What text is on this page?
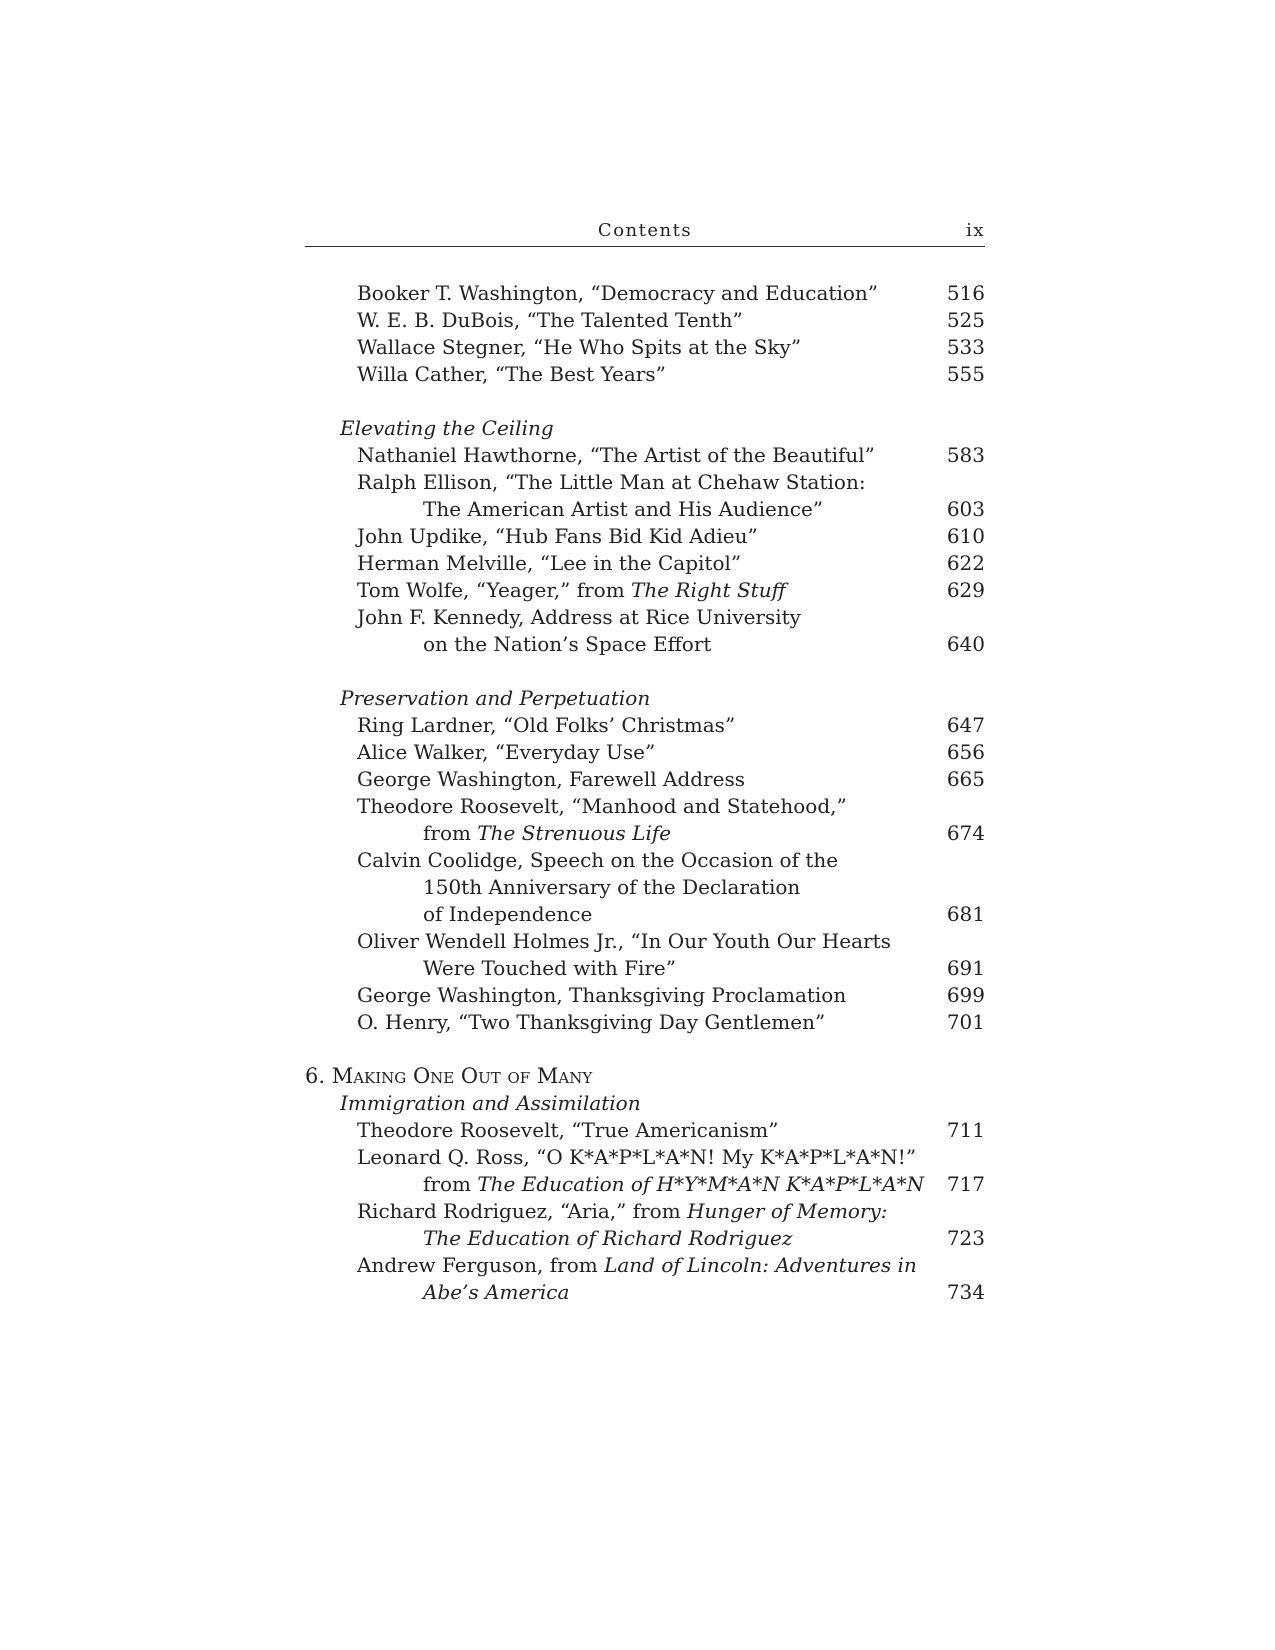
Contents	ix
Booker T. Washington, “Democracy and Education”	516
W. E. B. DuBois, “The Talented Tenth”	525
Wallace Stegner, “He Who Spits at the Sky”	533
Willa Cather, “The Best Years”	555
Elevating the Ceiling
Nathaniel Hawthorne, “The Artist of the Beautiful”	583
Ralph Ellison, “The Little Man at Chehaw Station:
The American Artist and His Audience”	603
John Updike, “Hub Fans Bid Kid Adieu”	610
Herman Melville, “Lee in the Capitol”	622
Tom Wolfe, “Yeager,” from The Right Stuff	629
John F. Kennedy, Address at Rice University
on the Nation’s Space Effort	640
Preservation and Perpetuation
Ring Lardner, “Old Folks’ Christmas”	647
Alice Walker, “Everyday Use”	656
George Washington, Farewell Address	665
Theodore Roosevelt, “Manhood and Statehood,”
from The Strenuous Life	674
Calvin Coolidge, Speech on the Occasion of the
150th Anniversary of the Declaration
of Independence	681
Oliver Wendell Holmes Jr., “In Our Youth Our Hearts
Were Touched with Fire”	691
George Washington, Thanksgiving Proclamation	699
O. Henry, “Two Thanksgiving Day Gentlemen”	701
6. Making One Out of Many
Immigration and Assimilation
Theodore Roosevelt, “True Americanism”	711
Leonard Q. Ross, “O K*A*P*L*A*N! My K*A*P*L*A*N!”
from The Education of H*Y*M*A*N K*A*P*L*A*N 717
Richard Rodriguez, “Aria,” from Hunger of Memory:
The Education of Richard Rodriguez	723
Andrew Ferguson, from Land of Lincoln: Adventures in
Abe’s America	734
